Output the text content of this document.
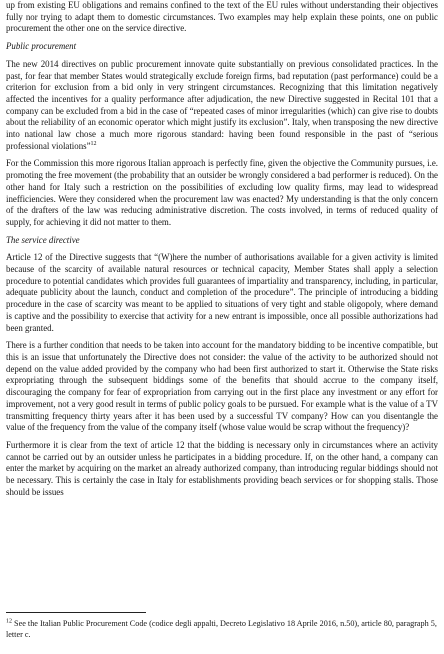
up from existing EU obligations and remains confined to the text of the EU rules without understanding their objectives fully nor trying to adapt them to domestic circumstances. Two examples may help explain these points, one on public procurement the other one on the service directive.

Public procurement

The new 2014 directives on public procurement innovate quite substantially on previous consolidated practices. In the past, for fear that member States would strategically exclude foreign firms, bad reputation (past performance) could be a criterion for exclusion from a bid only in very stringent circumstances. Recognizing that this limitation negatively affected the incentives for a quality performance after adjudication, the new Directive suggested in Recital 101 that a company can be excluded from a bid in the case of “repeated cases of minor irregularities (which) can give rise to doubts about the reliability of an economic operator which might justify its exclusion”. Italy, when transposing the new directive into national law chose a much more rigorous standard: having been found responsible in the past of “serious professional violations”$^{12}$

For the Commission this more rigorous Italian approach is perfectly fine, given the objective the Community pursues, i.e. promoting the free movement (the probability that an outsider be wrongly considered a bad performer is reduced). On the other hand for Italy such a restriction on the possibilities of excluding low quality firms, may lead to widespread inefficiencies. Were they considered when the procurement law was enacted? My understanding is that the only concern of the drafters of the law was reducing administrative discretion. The costs involved, in terms of reduced quality of supply, for achieving it did not matter to them.

The service directive

Article 12 of the Directive suggests that “(W)here the number of authorisations available for a given activity is limited because of the scarcity of available natural resources or technical capacity, Member States shall apply a selection procedure to potential candidates which provides full guarantees of impartiality and transparency, including, in particular, adequate publicity about the launch, conduct and completion of the procedure”. The principle of introducing a bidding procedure in the case of scarcity was meant to be applied to situations of very tight and stable oligopoly, where demand is captive and the possibility to exercise that activity for a new entrant is impossible, once all possible authorizations had been granted.

There is a further condition that needs to be taken into account for the mandatory bidding to be incentive compatible, but this is an issue that unfortunately the Directive does not consider: the value of the activity to be authorized should not depend on the value added provided by the company who had been first authorized to start it. Otherwise the State risks expropriating through the subsequent biddings some of the benefits that should accrue to the company itself, discouraging the company for fear of expropriation from carrying out in the first place any investment or any effort for improvement, not a very good result in terms of public policy goals to be pursued. For example what is the value of a TV transmitting frequency thirty years after it has been used by a successful TV company? How can you disentangle the value of the frequency from the value of the company itself (whose value would be scrap without the frequency)?

Furthermore it is clear from the text of article 12 that the bidding is necessary only in circumstances where an activity cannot be carried out by an outsider unless he participates in a bidding procedure. If, on the other hand, a company can enter the market by acquiring on the market an already authorized company, than introducing regular biddings should not be necessary. This is certainly the case in Italy for establishments providing beach services or for shopping stalls. Those should be issues

$^{12}$ See the Italian Public Procurement Code (codice degli appalti, Decreto Legislativo 18 Aprile 2016, n.50), article 80, paragraph 5, letter c.
